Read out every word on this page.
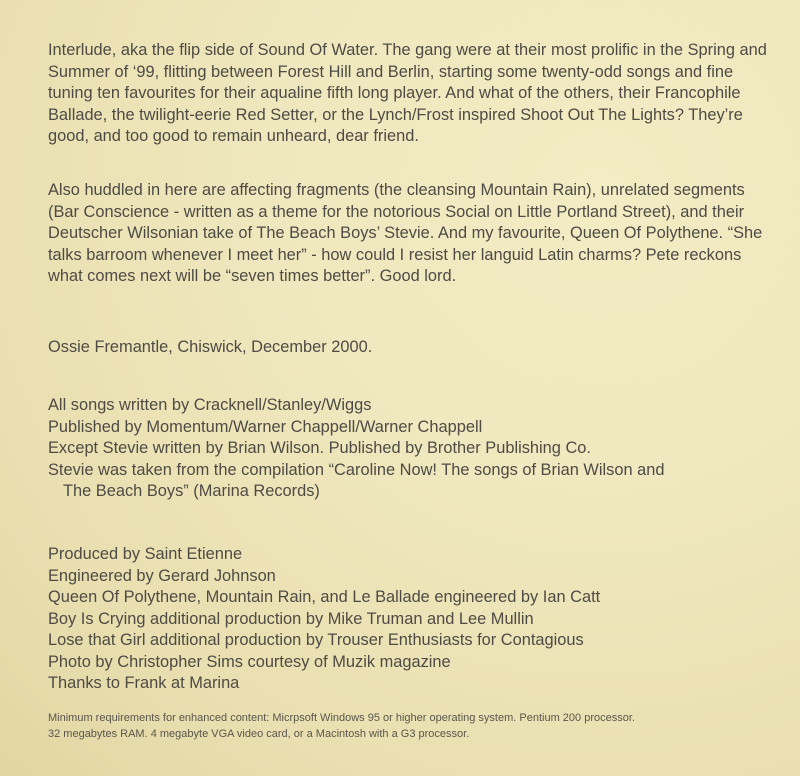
Interlude, aka the flip side of Sound Of Water. The gang were at their most prolific in the Spring and Summer of ‘99, flitting between Forest Hill and Berlin, starting some twenty-odd songs and fine tuning ten favourites for their aqualine fifth long player. And what of the others, their Francophile Ballade, the twilight-eerie Red Setter, or the Lynch/Frost inspired Shoot Out The Lights? They’re good, and too good to remain unheard, dear friend.

Also huddled in here are affecting fragments (the cleansing Mountain Rain), unrelated segments (Bar Conscience - written as a theme for the notorious Social on Little Portland Street), and their Deutscher Wilsonian take of The Beach Boys’ Stevie. And my favourite, Queen Of Polythene. “She talks barroom whenever I meet her” - how could I resist her languid Latin charms? Pete reckons what comes next will be “seven times better”. Good lord.

Ossie Fremantle, Chiswick, December 2000.

All songs written by Cracknell/Stanley/Wiggs
Published by Momentum/Warner Chappell/Warner Chappell
Except Stevie written by Brian Wilson. Published by Brother Publishing Co.
Stevie was taken from the compilation “Caroline Now! The songs of Brian Wilson and
The Beach Boys” (Marina Records)
Produced by Saint Etienne
Engineered by Gerard Johnson
Queen Of Polythene, Mountain Rain, and Le Ballade engineered by Ian Catt
Boy Is Crying additional production by Mike Truman and Lee Mullin
Lose that Girl additional production by Trouser Enthusiasts for Contagious
Photo by Christopher Sims courtesy of Muzik magazine
Thanks to Frank at Marina

Minimum requirements for enhanced content: Micrpsoft Windows 95 or higher operating system. Pentium 200 processor.
32 megabytes RAM. 4 megabyte VGA video card, or a Macintosh with a G3 processor.
